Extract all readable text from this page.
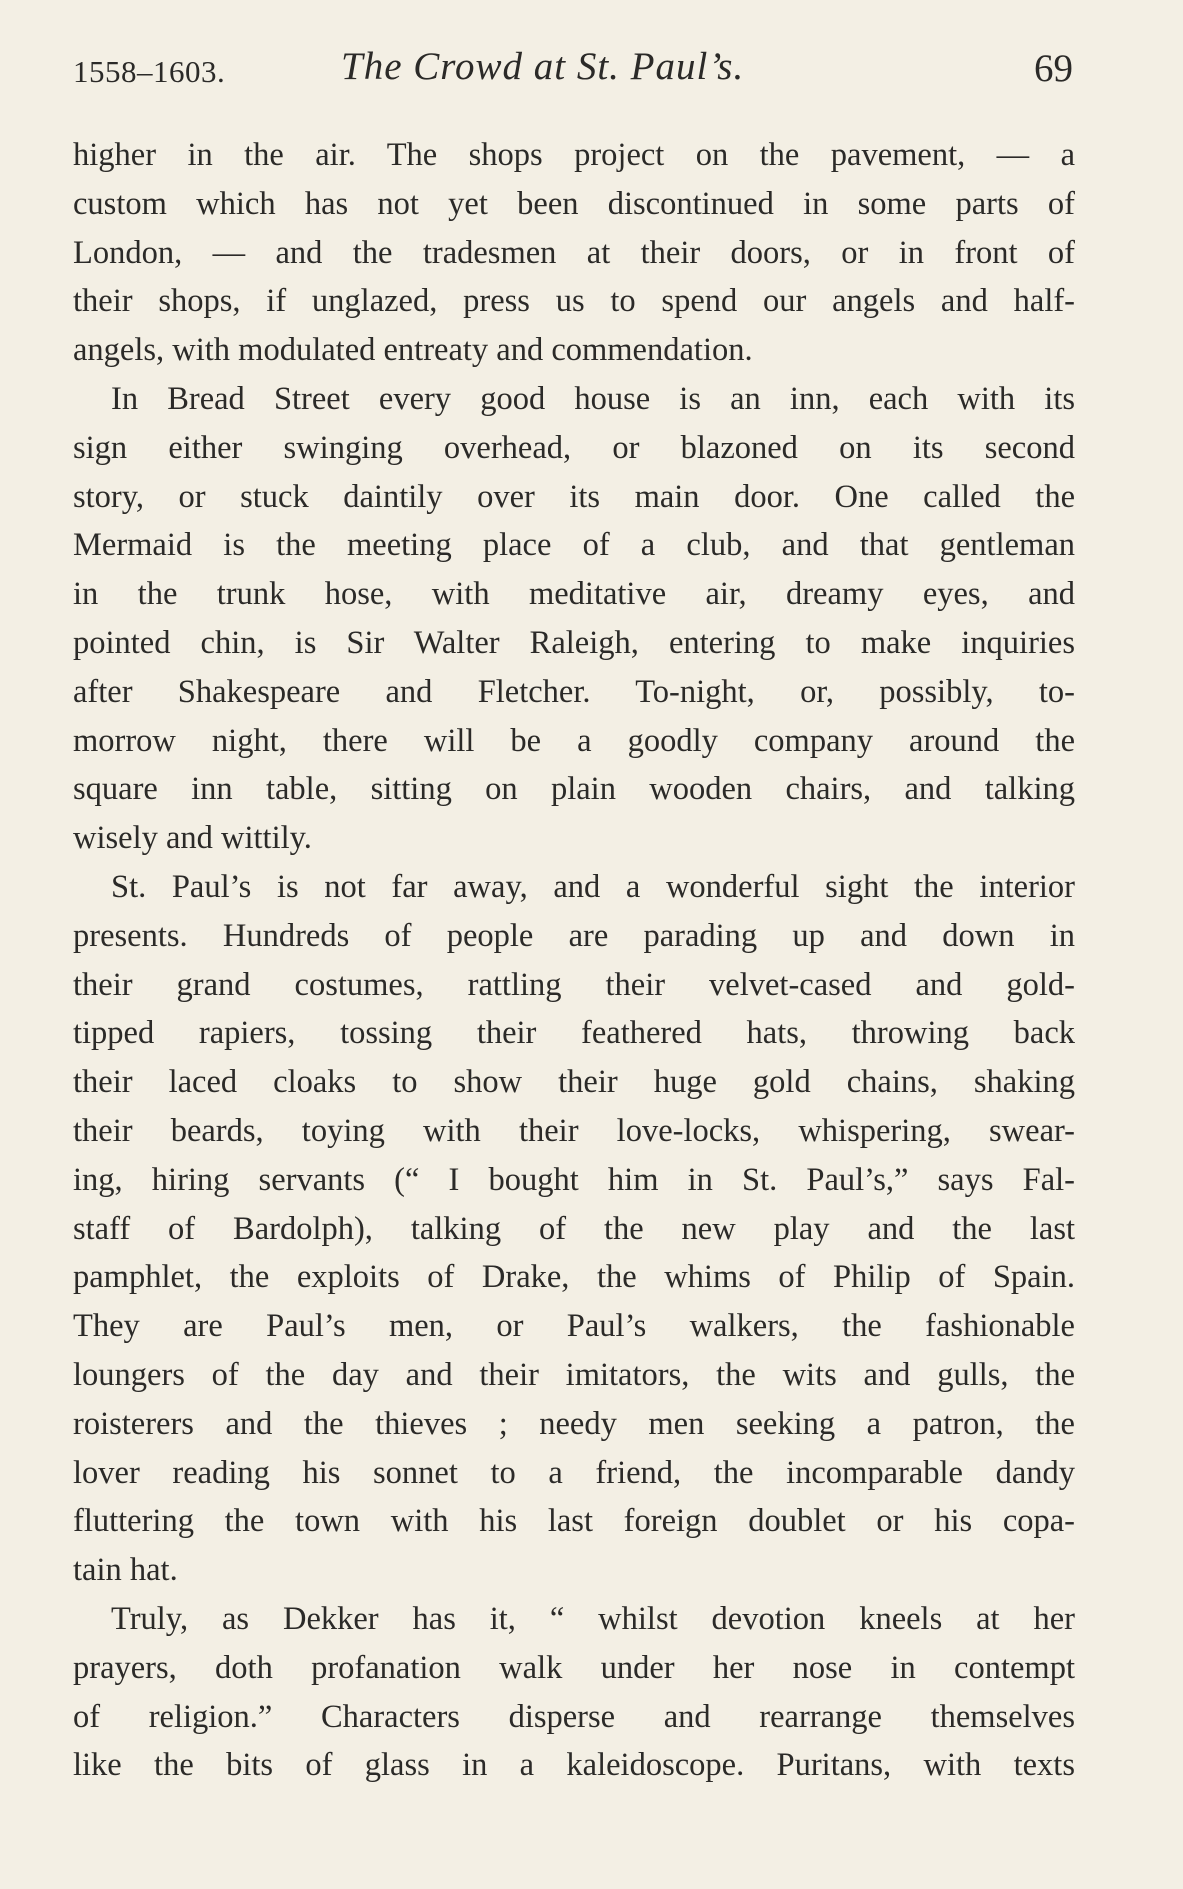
1558–1603.	The Crowd at St. Paul’s.	69
higher in the air. The shops project on the pavement, — a
custom which has not yet been discontinued in some parts of
London, — and the tradesmen at their doors, or in front of
their shops, if unglazed, press us to spend our angels and half-
angels, with modulated entreaty and commendation.
In Bread Street every good house is an inn, each with its
sign either swinging overhead, or blazoned on its second
story, or stuck daintily over its main door. One called the
Mermaid is the meeting place of a club, and that gentleman
in the trunk hose, with meditative air, dreamy eyes, and
pointed chin, is Sir Walter Raleigh, entering to make inquiries
after Shakespeare and Fletcher. To-night, or, possibly, to-
morrow night, there will be a goodly company around the
square inn table, sitting on plain wooden chairs, and talking
wisely and wittily.
St. Paul’s is not far away, and a wonderful sight the interior
presents. Hundreds of people are parading up and down in
their grand costumes, rattling their velvet-cased and gold-
tipped rapiers, tossing their feathered hats, throwing back
their laced cloaks to show their huge gold chains, shaking
their beards, toying with their love-locks, whispering, swear-
ing, hiring servants (“ I bought him in St. Paul’s,” says Fal-
staff of Bardolph), talking of the new play and the last
pamphlet, the exploits of Drake, the whims of Philip of Spain.
They are Paul’s men, or Paul’s walkers, the fashionable
loungers of the day and their imitators, the wits and gulls, the
roisterers and the thieves ; needy men seeking a patron, the
lover reading his sonnet to a friend, the incomparable dandy
fluttering the town with his last foreign doublet or his copa-
tain hat.
Truly, as Dekker has it, “ whilst devotion kneels at her
prayers, doth profanation walk under her nose in contempt
of religion.” Characters disperse and rearrange themselves
like the bits of glass in a kaleidoscope. Puritans, with texts
